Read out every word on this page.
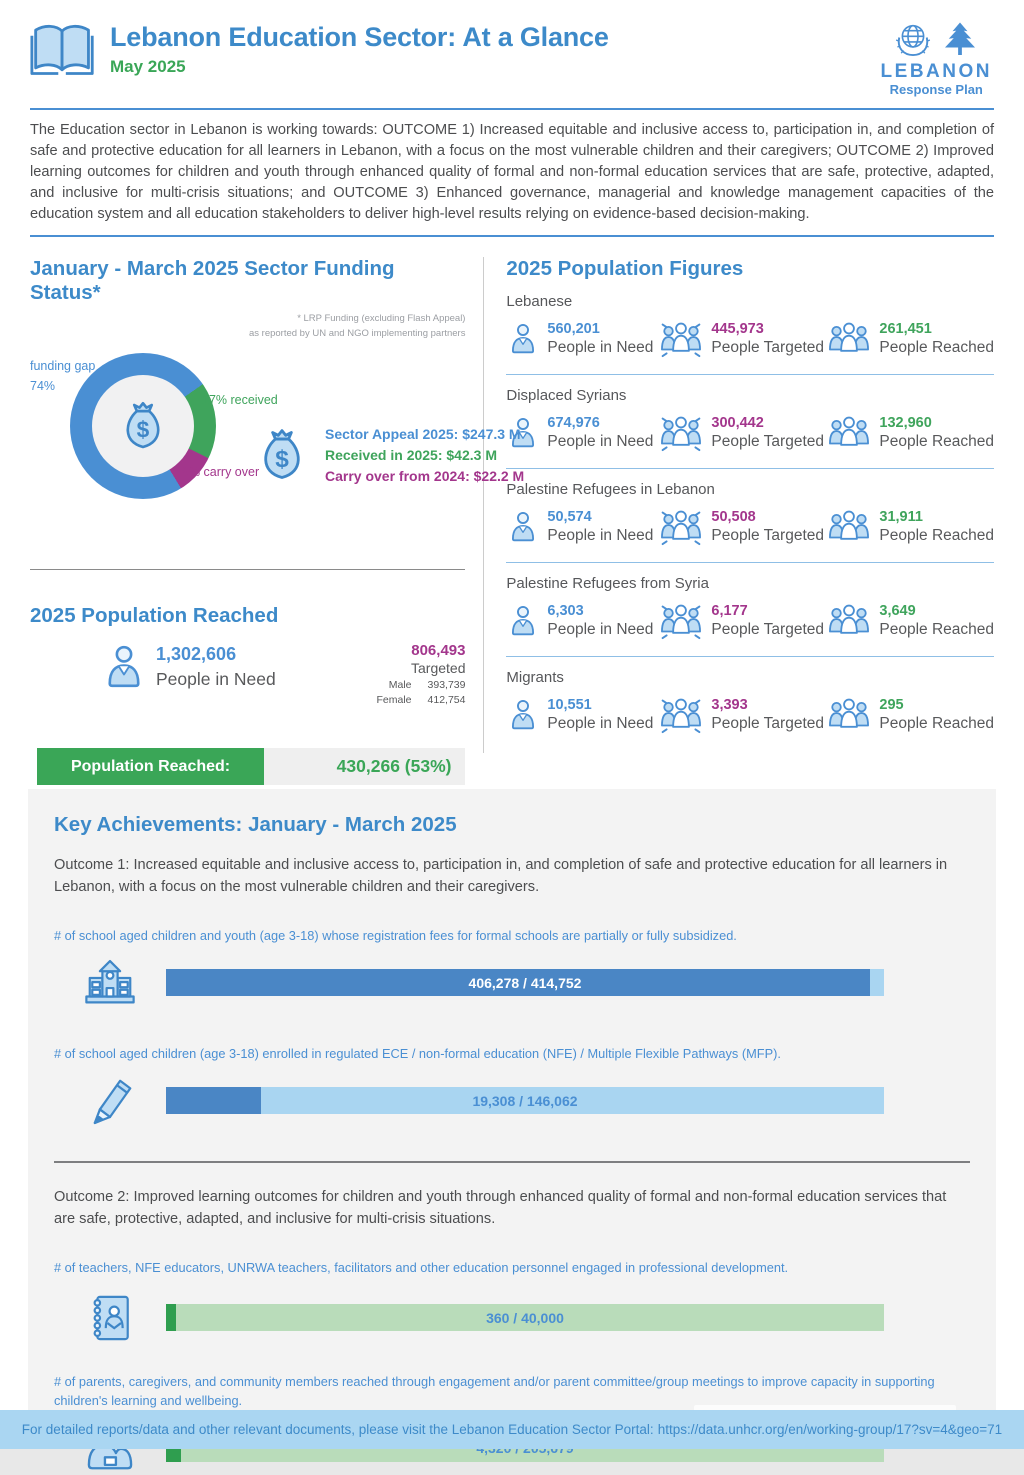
Lebanon Education Sector: At a Glance
May 2025	LEBANON
Response Plan

The Education sector in Lebanon is working towards: OUTCOME 1) Increased equitable and inclusive access to, participation in, and completion of safe and protective education for all learners in Lebanon, with a focus on the most vulnerable children and their caregivers; OUTCOME 2) Improved learning outcomes for children and youth through enhanced quality of formal and non-formal education services that are safe, protective, adapted, and inclusive for multi-crisis situations; and OUTCOME 3) Enhanced governance, managerial and knowledge management capacities of the education system and all education stakeholders to deliver high-level results relying on evidence-based decision-making.

January - March 2025 Sector Funding Status*
* LRP Funding (excluding Flash Appeal)
as reported by UN and NGO implementing partners
funding gap
74%
17% received
9% carry over
Sector Appeal 2025: $247.3 M
Received in 2025: $42.3 M
Carry over from 2024: $22.2 M
2025 Population Reached
1,302,606
People in Need
806,493
Targeted
Male 393,739
Female 412,754
Population Reached:	430,266 (53%)
2025 Population Figures
Lebanese
560,201
People in Need
445,973
People Targeted
261,451
People Reached
Displaced Syrians
674,976
People in Need
300,442
People Targeted
132,960
People Reached
Palestine Refugees in Lebanon
50,574
People in Need
50,508
People Targeted
31,911
People Reached
Palestine Refugees from Syria
6,303
People in Need
6,177
People Targeted
3,649
People Reached
Migrants
10,551
People in Need
3,393
People Targeted
295
People Reached
Key Achievements: January - March 2025

Outcome 1: Increased equitable and inclusive access to, participation in, and completion of safe and protective education for all learners in Lebanon, with a focus on the most vulnerable children and their caregivers.

# of school aged children and youth (age 3-18) whose registration fees for formal schools are partially or fully subsidized.

406,278 / 414,752

# of school aged children (age 3-18) enrolled in regulated ECE / non-formal education (NFE) / Multiple Flexible Pathways (MFP).

19,308 / 146,062

Outcome 2: Improved learning outcomes for children and youth through enhanced quality of formal and non-formal education services that are safe, protective, adapted, and inclusive for multi-crisis situations.

# of teachers, NFE educators, UNRWA teachers, facilitators and other education personnel engaged in professional development.

360 / 40,000

# of parents, caregivers, and community members reached through engagement and/or parent committee/group meetings to improve capacity in supporting children's learning and wellbeing.

For detailed reports/data and other relevant documents, please visit the Lebanon Education Sector Portal: https://data.unhcr.org/en/working-group/17?sv=4&geo=71
